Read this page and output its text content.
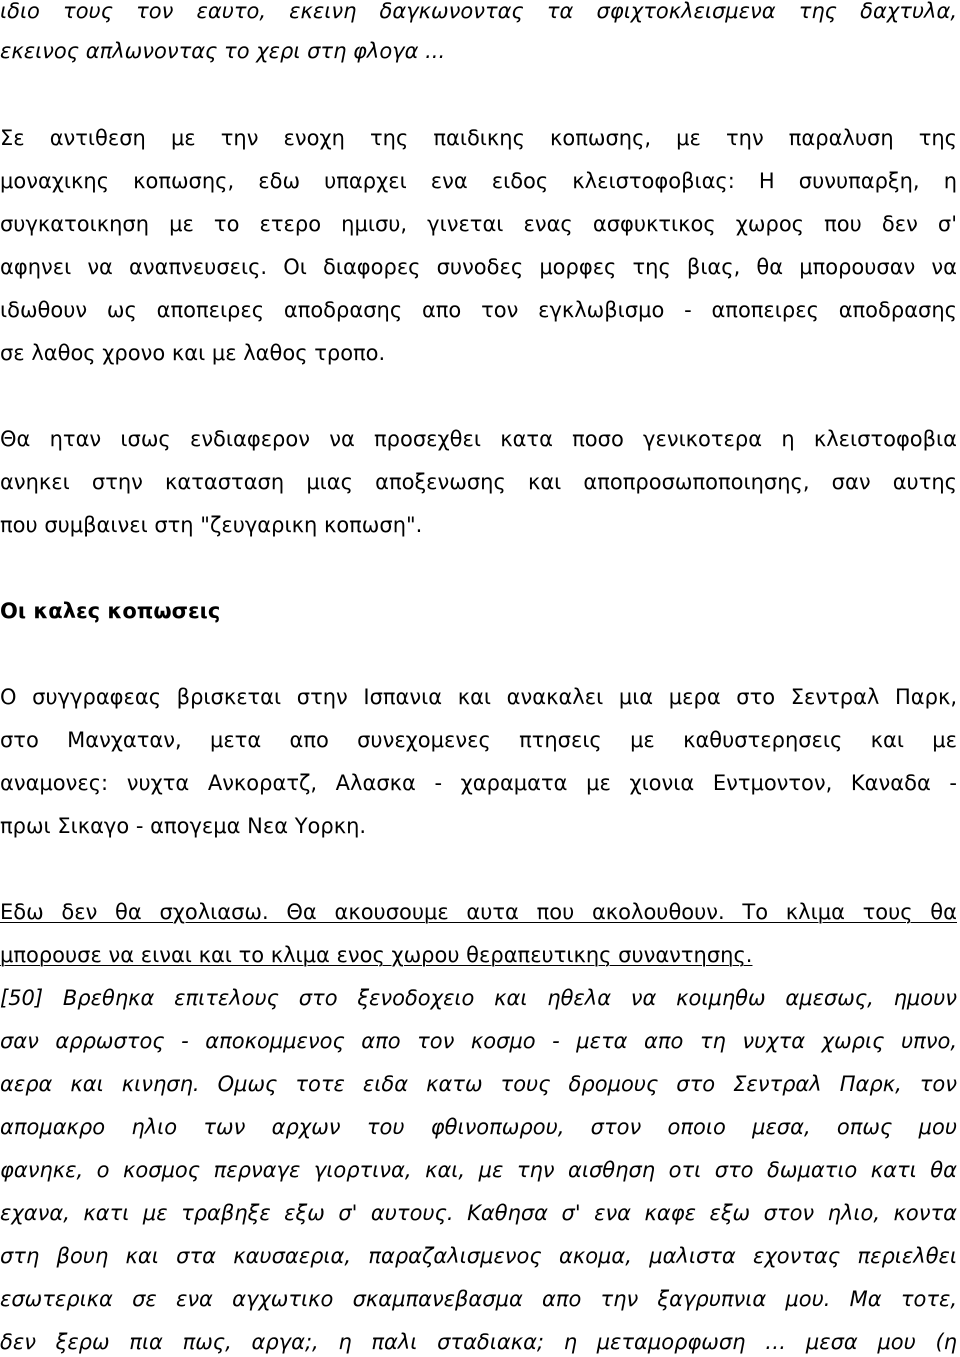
ιδιο τους τον εαυτο, εκεινη δαγκωνοντας τα σφιχτοκλεισμενα της δαχτυλα,
εκεινος απλωνοντας το χερι στη φλογα ...
Σε αντιθεση με την ενοχη της παιδικης κοπωσης, με την παραλυση της
μοναχικης κοπωσης, εδω υπαρχει ενα ειδος κλειστοφοβιας: Η συνυπαρξη, η
συγκατοικηση με το ετερο ημισυ, γινεται ενας ασφυκτικος χωρος που δεν σ'
αφηνει να αναπνευσεις. Οι διαφορες συνοδες μορφες της βιας, θα μπορουσαν να
ιδωθουν ως αποπειρες αποδρασης απο τον εγκλωβισμο - αποπειρες αποδρασης
σε λαθος χρονο και με λαθος τροπο.
Θα ηταν ισως ενδιαφερον να προσεχθει κατα ποσο γενικοτερα η κλειστοφοβια
ανηκει στην κατασταση μιας αποξενωσης και αποπροσωποποιησης, σαν αυτης
που συμβαινει στη "ζευγαρικη κοπωση".
Οι καλες κοπωσεις
Ο συγγραφεας βρισκεται στην Ισπανια και ανακαλει μια μερα στο Σεντραλ Παρκ,
στο Μανχαταν, μετα απο συνεχομενες πτησεις με καθυστερησεις και με
αναμονες: νυχτα Ανκορατζ, Αλασκα - χαραματα με χιονια Εντμοντον, Καναδα -
πρωι Σικαγο - απογεμα Νεα Υορκη.
Εδω δεν θα σχολιασω. Θα ακουσουμε αυτα που ακολουθουν. Το κλιμα τους θα
μπορουσε να ειναι και το κλιμα ενος χωρου θεραπευτικης συναντησης.
[50] Βρεθηκα επιτελους στο ξενοδοχειο και ηθελα να κοιμηθω αμεσως, ημουν
σαν αρρωστος - αποκομμενος απο τον κοσμο - μετα απο τη νυχτα χωρις υπνο,
αερα και κινηση. Ομως τοτε ειδα κατω τους δρομους στο Σεντραλ Παρκ, τον
απομακρο ηλιο των αρχων του φθινοπωρου, στον οποιο μεσα, οπως μου
φανηκε, ο κοσμος περναγε γιορτινα, και, με την αισθηση οτι στο δωματιο κατι θα
εχανα, κατι με τραβηξε εξω σ' αυτους. Καθησα σ' ενα καφε εξω στον ηλιο, κοντα
στη βουη και στα καυσαερια, παραζαλισμενος ακομα, μαλιστα εχοντας περιελθει
εσωτερικα σε ενα αγχωτικο σκαμπανεβασμα απο την ξαγρυπνια μου. Μα τοτε,
δεν ξερω πια πως, αργα;, η παλι σταδιακα; η μεταμορφωση … μεσα μου (η
